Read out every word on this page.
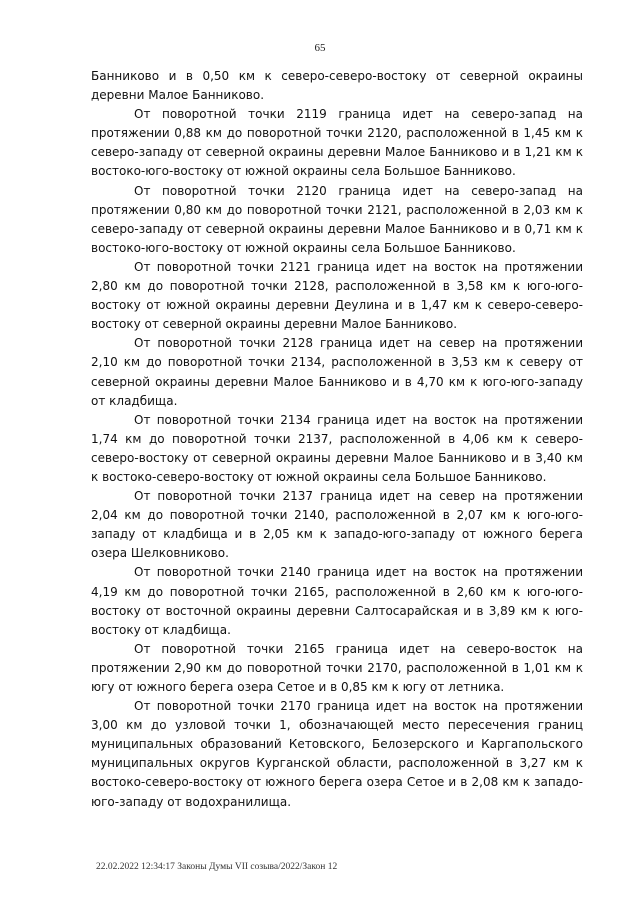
65

Банниково и в 0,50 км к северо-северо-востоку от северной окраины деревни Малое Банниково.

От поворотной точки 2119 граница идет на северо-запад на протяжении 0,88 км до поворотной точки 2120, расположенной в 1,45 км к северо-западу от северной окраины деревни Малое Банниково и в 1,21 км к востоко-юго-востоку от южной окраины села Большое Банниково.

От поворотной точки 2120 граница идет на северо-запад на протяжении 0,80 км до поворотной точки 2121, расположенной в 2,03 км к северо-западу от северной окраины деревни Малое Банниково и в 0,71 км к востоко-юго-востоку от южной окраины села Большое Банниково.

От поворотной точки 2121 граница идет на восток на протяжении 2,80 км до поворотной точки 2128, расположенной в 3,58 км к юго-юго-востоку от южной окраины деревни Деулина и в 1,47 км к северо-северо-востоку от северной окраины деревни Малое Банниково.

От поворотной точки 2128 граница идет на север на протяжении 2,10 км до поворотной точки 2134, расположенной в 3,53 км к северу от северной окраины деревни Малое Банниково и в 4,70 км к юго-юго-западу от кладбища.

От поворотной точки 2134 граница идет на восток на протяжении 1,74 км до поворотной точки 2137, расположенной в 4,06 км к северо-северо-востоку от северной окраины деревни Малое Банниково и в 3,40 км к востоко-северо-востоку от южной окраины села Большое Банниково.

От поворотной точки 2137 граница идет на север на протяжении 2,04 км до поворотной точки 2140, расположенной в 2,07 км к юго-юго-западу от кладбища и в 2,05 км к западо-юго-западу от южного берега озера Шелковниково.

От поворотной точки 2140 граница идет на восток на протяжении 4,19 км до поворотной точки 2165, расположенной в 2,60 км к юго-юго-востоку от восточной окраины деревни Салтосарайская и в 3,89 км к юго-востоку от кладбища.

От поворотной точки 2165 граница идет на северо-восток на протяжении 2,90 км до поворотной точки 2170, расположенной в 1,01 км к югу от южного берега озера Сетое и в 0,85 км к югу от летника.

От поворотной точки 2170 граница идет на восток на протяжении 3,00 км до узловой точки 1, обозначающей место пересечения границ муниципальных образований Кетовского, Белозерского и Каргапольского муниципальных округов Курганской области, расположенной в 3,27 км к востоко-северо-востоку от южного берега озера Сетое и в 2,08 км к западо-юго-западу от водохранилища.

22.02.2022 12:34:17 Законы Думы VII созыва/2022/Закон 12
